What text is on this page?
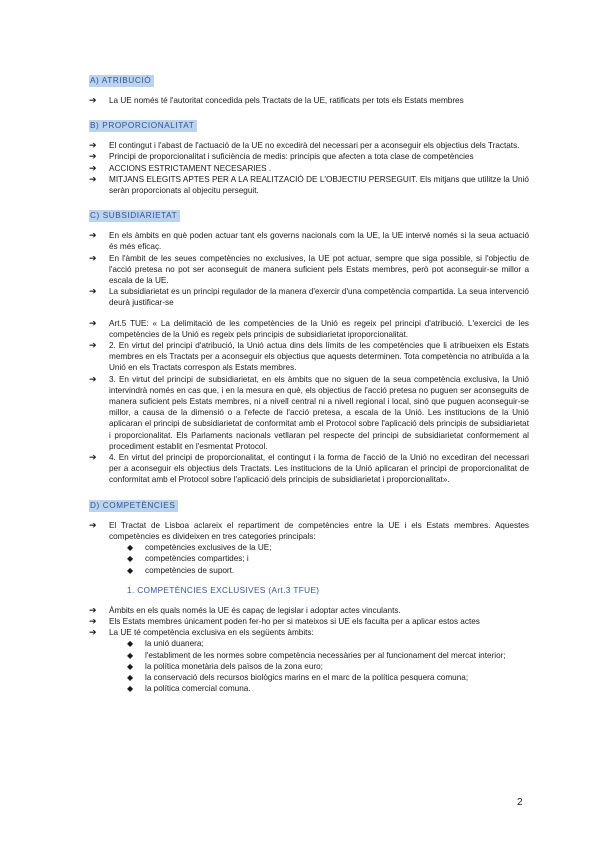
A) ATRIBUCIÓ
➔ La UE només té l'autoritat concedida pels Tractats de la UE, ratificats per tots els Estats membres
B) PROPORCIONALITAT
➔ El contingut i l'abast de l'actuació de la UE no excedirà del necessari per a aconseguir els objectius dels Tractats.
➔ Principi de proporcionalitat i suficiència de medis: principis que afecten a tota clase de competències
➔ ACCIONS ESTRICTAMENT NECESARIES .
➔ MITJANS ELEGITS APTES PER A LA REALITZACIÓ DE L'OBJECTIU PERSEGUIT. Els mitjans que utilitze la Unió seràn proporcionats al objecitu perseguit.
C) SUBSIDIARIETAT
➔ En els àmbits en què poden actuar tant els governs nacionals com la UE, la UE intervé només si la seua actuació és més eficaç.
➔ En l'àmbit de les seues competències no exclusives, la UE pot actuar, sempre que siga possible, si l'objectiu de l'acció pretesa no pot ser aconseguit de manera suficient pels Estats membres, però pot aconseguir-se millor a escala de la UE.
➔ La subsidiarietat es un principi regulador de la manera d'exercir d'una competència compartida. La seua intervenció deurà justificar-se
➔ Art.5 TUE: « La delimitació de les competències de la Unió es regeix pel principi d'atribució. L'exercici de les competències de la Unió es regeix pels principis de subsidiarietat iproporcionalitat.
➔ 2. En virtut del principi d'atribució, la Unió actua dins dels límits de les competències que li atribueixen els Estats membres en els Tractats per a aconseguir els objectius que aquests determinen. Tota competència no atribuïda a la Unió en els Tractats correspon als Estats membres.
➔ 3. En virtut del principi de subsidiarietat, en els àmbits que no siguen de la seua competència exclusiva, la Unió intervindrà només en cas que, i en la mesura en què, els objectius de l'acció pretesa no puguen ser aconseguits de manera suficient pels Estats membres, ni a nivell central ni a nivell regional i local, sinó que puguen aconseguir-se millor, a causa de la dimensió o a l'efecte de l'acció pretesa, a escala de la Unió. Les institucions de la Unió aplicaran el principi de subsidiarietat de conformitat amb el Protocol sobre l'aplicació dels principis de subsidiarietat i proporcionalitat. Els Parlaments nacionals vetllaran pel respecte del principi de subsidiarietat conformement al procediment establit en l'esmentat Protocol.
➔ 4. En virtut del principi de proporcionalitat, el contingut i la forma de l'acció de la Unió no excediran del necessari per a aconseguir els objectius dels Tractats. Les institucions de la Unió aplicaran el principi de proporcionalitat de conformitat amb el Protocol sobre l'aplicació dels principis de subsidiarietat i proporcionalitat».
D) COMPETÈNCIES
➔ El Tractat de Lisboa aclareix el repartiment de competències entre la UE i els Estats membres. Aquestes competències es divideixen en tres categories principals:
◆ competències exclusives de la UE;
◆ competències compartides; i
◆ competències de suport.
1. COMPETÈNCIES EXCLUSIVES (Art.3 TFUE)
➔ Àmbits en els quals només la UE és capaç de legislar i adoptar actes vinculants.
➔ Els Estats membres únicament poden fer-ho per si mateixos si UE els faculta per a aplicar estos actes
➔ La UE té competència exclusiva en els següents àmbits:
◆ la unió duanera;
◆ l'establiment de les normes sobre competència necessàries per al funcionament del mercat interior;
◆ la política monetària dels països de la zona euro;
◆ la conservació dels recursos biològics marins en el marc de la política pesquera comuna;
◆ la política comercial comuna.
2
